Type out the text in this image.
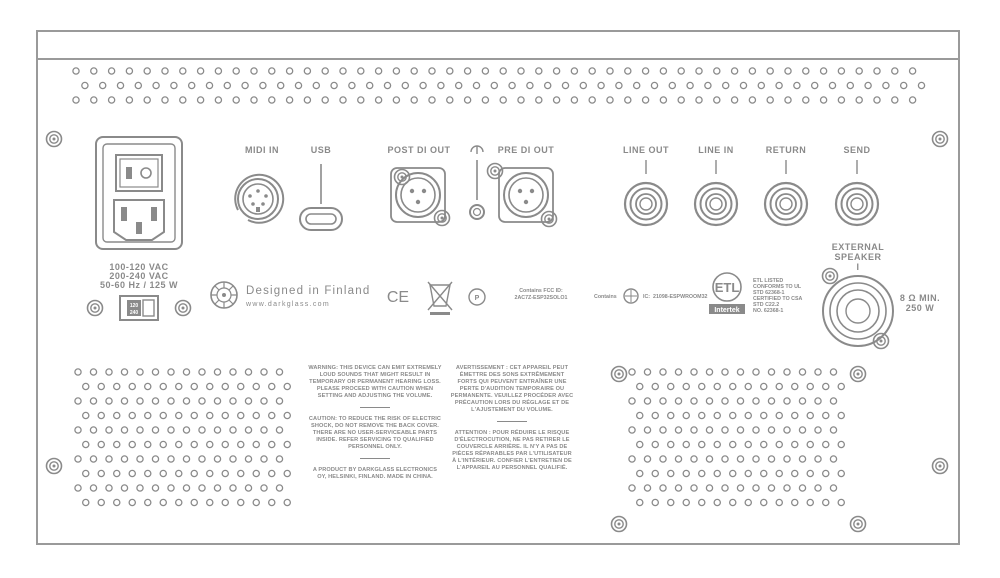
MIDI IN	USB	POST DI OUT	PRE DI OUT	LINE OUT	LINE IN	RETURN	SEND
EXTERNAL
SPEAKER
I
8 Ω MIN.
250 W
100-120 VAC
200-240 VAC
50-60 Hz / 125 W
120
240
Designed in Finland
www.darkglass.com	CE	P
Contains FCC ID:
2AC7Z-ESP32SOLO1	Contains	IC: 21098-ESPWROOM32
ETL
Intertek
ETL LISTED
CONFORMS TO UL
STD 62368-1
CERTIFIED TO CSA
STD C22.2
NO. 62368-1

WARNING: THIS DEVICE CAN EMIT EXTREMELY LOUD SOUNDS THAT MIGHT RESULT IN TEMPORARY OR PERMANENT HEARING LOSS. PLEASE PROCEED WITH CAUTION WHEN SETTING AND ADJUSTING THE VOLUME.

CAUTION: TO REDUCE THE RISK OF ELECTRIC SHOCK, DO NOT REMOVE THE BACK COVER. THERE ARE NO USER-SERVICEABLE PARTS INSIDE. REFER SERVICING TO QUALIFIED PERSONNEL ONLY.

A PRODUCT BY DARKGLASS ELECTRONICS OY, HELSINKI, FINLAND. MADE IN CHINA.

AVERTISSEMENT : CET APPAREIL PEUT ÉMETTRE DES SONS EXTRÊMEMENT FORTS QUI PEUVENT ENTRAÎNER UNE PERTE D'AUDITION TEMPORAIRE OU PERMANENTE. VEUILLEZ PROCÉDER AVEC PRÉCAUTION LORS DU RÉGLAGE ET DE L'AJUSTEMENT DU VOLUME.

ATTENTION : POUR RÉDUIRE LE RISQUE D'ÉLECTROCUTION, NE PAS RETIRER LE COUVERCLE ARRIÈRE. IL N'Y A PAS DE PIÈCES RÉPARABLES PAR L'UTILISATEUR À L'INTÉRIEUR. CONFIER L'ENTRETIEN DE L'APPAREIL AU PERSONNEL QUALIFIÉ.
